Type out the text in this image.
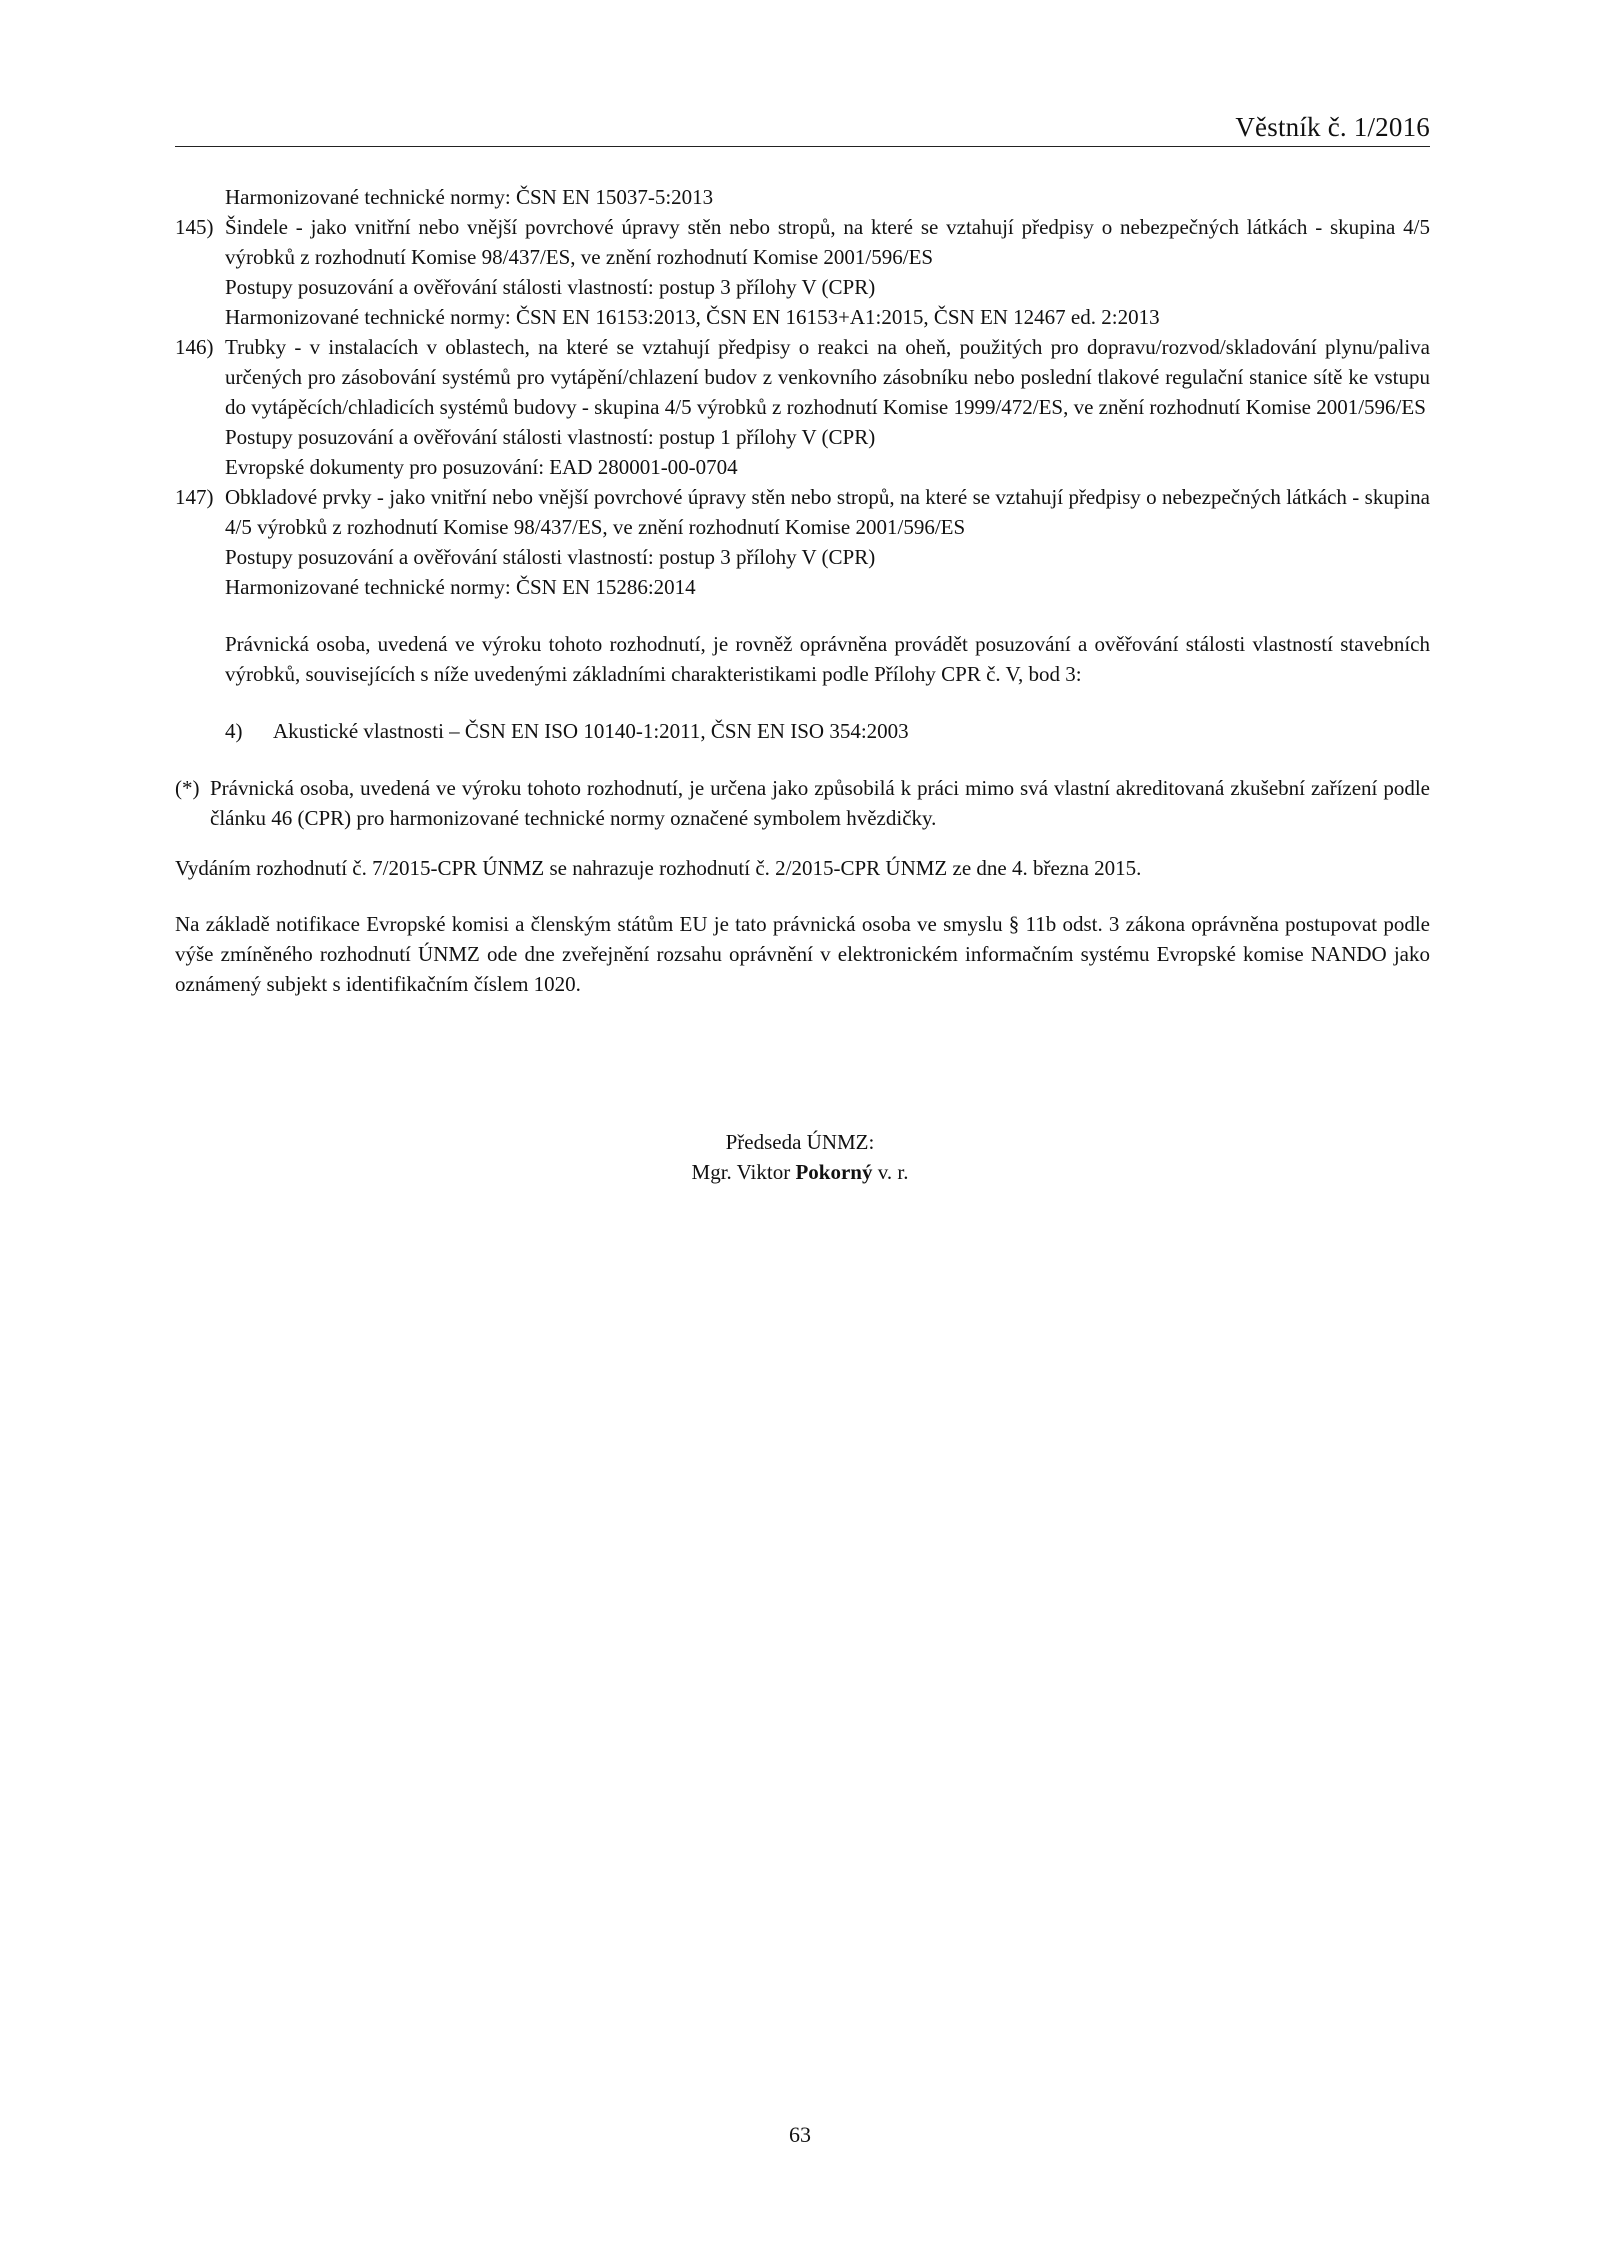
Věstník č. 1/2016

Harmonizované technické normy: ČSN EN 15037-5:2013

145) Šindele - jako vnitřní nebo vnější povrchové úpravy stěn nebo stropů, na které se vztahují předpisy o nebezpečných látkách - skupina 4/5 výrobků z rozhodnutí Komise 98/437/ES, ve znění rozhodnutí Komise 2001/596/ES

Postupy posuzování a ověřování stálosti vlastností: postup 3 přílohy V (CPR)

Harmonizované technické normy: ČSN EN 16153:2013, ČSN EN 16153+A1:2015, ČSN EN 12467 ed. 2:2013

146) Trubky - v instalacích v oblastech, na které se vztahují předpisy o reakci na oheň, použitých pro dopravu/rozvod/skladování plynu/paliva určených pro zásobování systémů pro vytápění/chlazení budov z venkovního zásobníku nebo poslední tlakové regulační stanice sítě ke vstupu do vytápěcích/chladicích systémů budovy - skupina 4/5 výrobků z rozhodnutí Komise 1999/472/ES, ve znění rozhodnutí Komise 2001/596/ES

Postupy posuzování a ověřování stálosti vlastností: postup 1 přílohy V (CPR)

Evropské dokumenty pro posuzování: EAD 280001-00-0704

147) Obkladové prvky - jako vnitřní nebo vnější povrchové úpravy stěn nebo stropů, na které se vztahují předpisy o nebezpečných látkách - skupina 4/5 výrobků z rozhodnutí Komise 98/437/ES, ve znění rozhodnutí Komise 2001/596/ES

Postupy posuzování a ověřování stálosti vlastností: postup 3 přílohy V (CPR)

Harmonizované technické normy: ČSN EN 15286:2014

Právnická osoba, uvedená ve výroku tohoto rozhodnutí, je rovněž oprávněna provádět posuzování a ověřování stálosti vlastností stavebních výrobků, souvisejících s níže uvedenými základními charakteristikami podle Přílohy CPR č. V, bod 3:

4) Akustické vlastnosti – ČSN EN ISO 10140-1:2011, ČSN EN ISO 354:2003

(*) Právnická osoba, uvedená ve výroku tohoto rozhodnutí, je určena jako způsobilá k práci mimo svá vlastní akreditovaná zkušební zařízení podle článku 46 (CPR) pro harmonizované technické normy označené symbolem hvězdičky.

Vydáním rozhodnutí č. 7/2015-CPR ÚNMZ se nahrazuje rozhodnutí č. 2/2015-CPR ÚNMZ ze dne 4. března 2015.

Na základě notifikace Evropské komisi a členským státům EU je tato právnická osoba ve smyslu § 11b odst. 3 zákona oprávněna postupovat podle výše zmíněného rozhodnutí ÚNMZ ode dne zveřejnění rozsahu oprávnění v elektronickém informačním systému Evropské komise NANDO jako oznámený subjekt s identifikačním číslem 1020.

Předseda ÚNMZ:
Mgr. Viktor Pokorný v. r.
63
